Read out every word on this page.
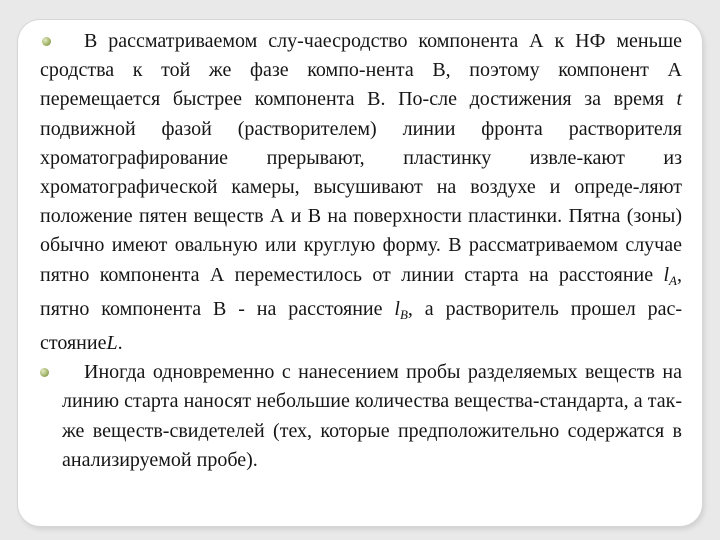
В рассматриваемом слу-чаесродство компонента А к НФ меньше сродства к той же фазе компо-нента В, поэтому компонент А перемещается быстрее компонента В. По-сле достижения за время t подвижной фазой (растворителем) линии фронта растворителя хроматографирование прерывают, пластинку извле-кают из хроматографической камеры, высушивают на воздухе и опреде-ляют положение пятен веществ А и В на поверхности пластинки. Пятна (зоны) обычно имеют овальную или круглую форму. В рассматриваемом случае пятно компонента А переместилось от линии старта на расстояние $l_A$, пятно компонента В - на расстояние $l_B$, а растворитель прошел рас-стояниеL.

Иногда одновременно с нанесением пробы разделяемых веществ на линию старта наносят небольшие количества вещества-стандарта, а так-же веществ-свидетелей (тех, которые предположительно содержатся в анализируемой пробе).
